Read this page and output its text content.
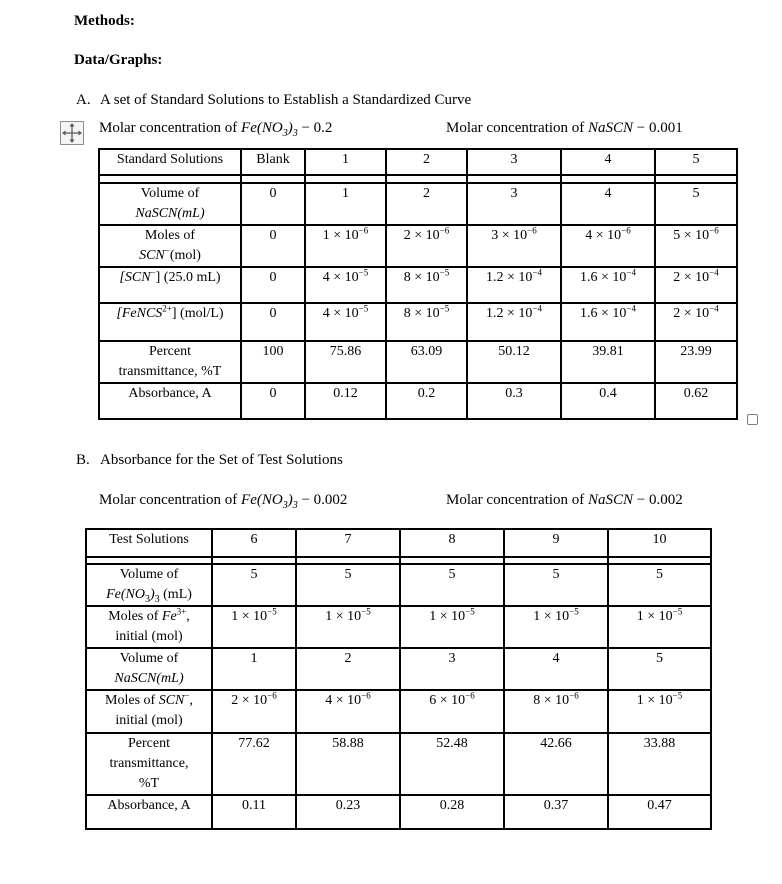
Methods:
Data/Graphs:
A. A set of Standard Solutions to Establish a Standardized Curve
Molar concentration of $Fe(NO_3)_3 - 0.2$	Molar concentration of NaSCN − 0.001
Standard Solutions	Blank	1	2	3	4	5

Volume of
NaSCN(mL)	0	1	2	3	4	5
Moles of
SCN−(mol)	0	$1 \times 10^{-6}$	$2 \times 10^{-6}$	$3 \times 10^{-6}$	$4 \times 10^{-6}$	$5 \times 10^{-6}$
[SCN−] (25.0 mL)	0	$4 \times 10^{-5}$	$8 \times 10^{-5}$	$1.2 \times 10^{-4}$	$1.6 \times 10^{-4}$	$2 \times 10^{-4}$
[FeNCS$^{2+}$] (mol/L)	0	$4 \times 10^{-5}$	$8 \times 10^{-5}$	$1.2 \times 10^{-4}$	$1.6 \times 10^{-4}$	$2 \times 10^{-4}$
Percent
transmittance, %T	100	75.86	63.09	50.12	39.81	23.99
Absorbance, A	0	0.12	0.2	0.3	0.4	0.62
B. Absorbance for the Set of Test Solutions
Molar concentration of $Fe(NO_3)_3 - 0.002$	Molar concentration of NaSCN − 0.002
Test Solutions	6	7	8	9	10

Volume of
$Fe(NO_3)_3$ (mL)	5	5	5	5	5
Moles of $Fe^{3+}$,
initial (mol)	$1 \times 10^{-5}$	$1 \times 10^{-5}$	$1 \times 10^{-5}$	$1 \times 10^{-5}$	$1 \times 10^{-5}$
Volume of
NaSCN(mL)	1	2	3	4	5
Moles of SCN−,
initial (mol)	$2 \times 10^{-6}$	$4 \times 10^{-6}$	$6 \times 10^{-6}$	$8 \times 10^{-6}$	$1 \times 10^{-5}$
Percent
transmittance,
%T	77.62	58.88	52.48	42.66	33.88
Absorbance, A	0.11	0.23	0.28	0.37	0.47
